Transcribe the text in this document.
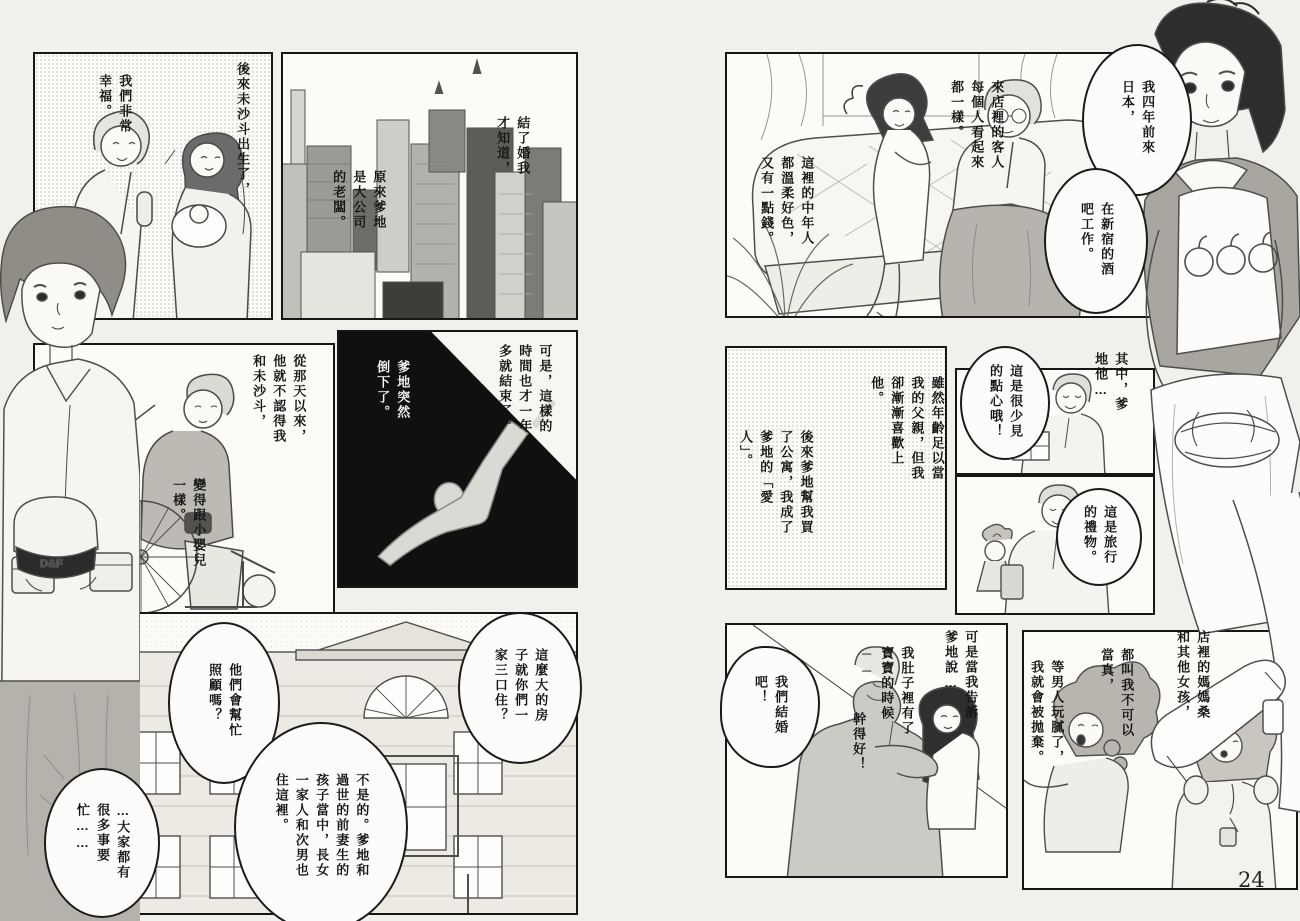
D&F
後來未沙斗出生了，
我們非常幸福。
結了婚我才知道，
原來爹地是大公司的老闆。
從那天以來，他就不認得我和未沙斗，
變得跟小嬰兒一樣。
可是，這樣的時間也才一年多就結束了。
爹地突然倒下了。
這麼大的房子就你們一家三口住？
他們會幫忙照顧嗎？
不是的。爹地和過世的前妻生的孩子當中，長女一家人和次男也住這裡。
…大家都有很多事要忙……
我四年前來日本，
在新宿的酒吧工作。
來店裡的客人每個人看起來都一樣。
這裡的中年人都溫柔好色，又有一點錢。
雖然年齡足以當我的父親，但我卻漸漸喜歡上他。
後來爹地幫我買了公寓，我成了爹地的「愛人」。
其中，爹地他…
這是很少見的點心哦！
這是旅行的禮物。
可是當我告訴爹地說…
我肚子裡有了寶寶的時候──
幹得好！
我們結婚吧！	店裡的媽媽桑和其他女孩，
都叫我不可以當真，
等男人玩膩了，我就會被拋棄。
24
